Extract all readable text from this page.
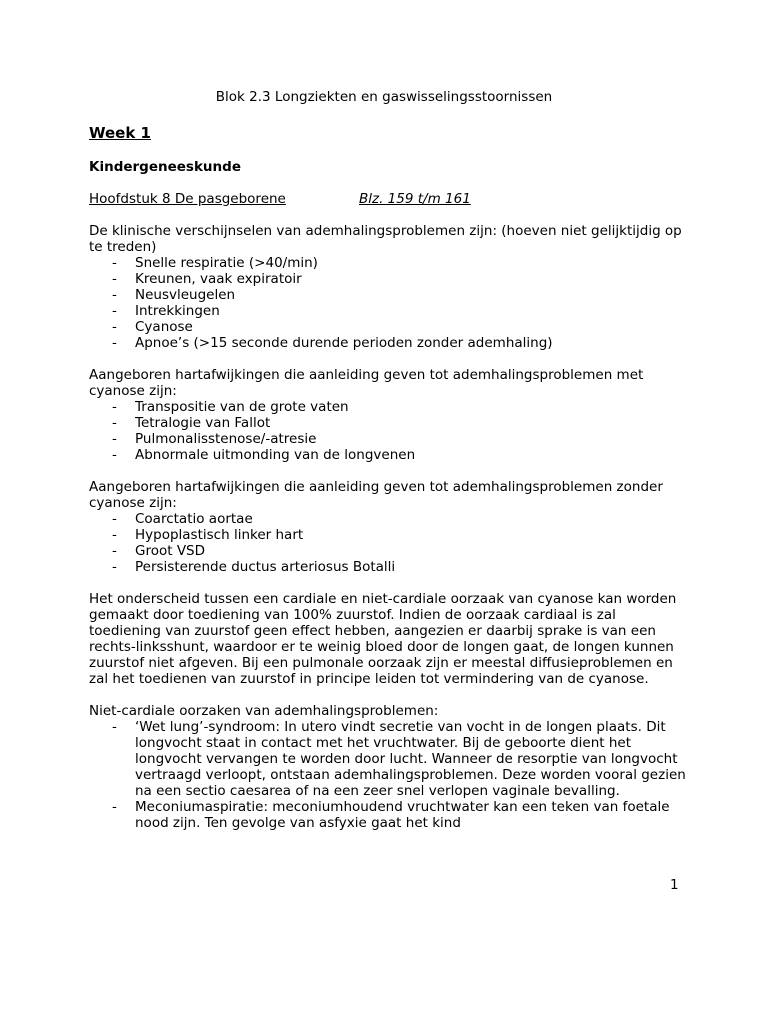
Blok 2.3 Longziekten en gaswisselingsstoornissen
Week 1
Kindergeneeskunde
Hoofdstuk 8 De pasgeborene	Blz. 159 t/m 161
De klinische verschijnselen van ademhalingsproblemen zijn: (hoeven niet gelijktijdig op te treden)
- Snelle respiratie (>40/min)
- Kreunen, vaak expiratoir
- Neusvleugelen
- Intrekkingen
- Cyanose
- Apnoe’s (>15 seconde durende perioden zonder ademhaling)
Aangeboren hartafwijkingen die aanleiding geven tot ademhalingsproblemen met cyanose zijn:
- Transpositie van de grote vaten
- Tetralogie van Fallot
- Pulmonalisstenose/-atresie
- Abnormale uitmonding van de longvenen
Aangeboren hartafwijkingen die aanleiding geven tot ademhalingsproblemen zonder cyanose zijn:
- Coarctatio aortae
- Hypoplastisch linker hart
- Groot VSD
- Persisterende ductus arteriosus Botalli

Het onderscheid tussen een cardiale en niet-cardiale oorzaak van cyanose kan worden gemaakt door toediening van 100% zuurstof. Indien de oorzaak cardiaal is zal toediening van zuurstof geen effect hebben, aangezien er daarbij sprake is van een rechts-linksshunt, waardoor er te weinig bloed door de longen gaat, de longen kunnen zuurstof niet afgeven. Bij een pulmonale oorzaak zijn er meestal diffusieproblemen en zal het toedienen van zuurstof in principe leiden tot vermindering van de cyanose.

Niet-cardiale oorzaken van ademhalingsproblemen:
- ‘Wet lung’-syndroom: In utero vindt secretie van vocht in de longen plaats. Dit longvocht staat in contact met het vruchtwater. Bij de geboorte dient het longvocht vervangen te worden door lucht. Wanneer de resorptie van longvocht vertraagd verloopt, ontstaan ademhalingsproblemen. Deze worden vooral gezien na een sectio caesarea of na een zeer snel verlopen vaginale bevalling.
- Meconiumaspiratie: meconiumhoudend vruchtwater kan een teken van foetale nood zijn. Ten gevolge van asfyxie gaat het kind
1
